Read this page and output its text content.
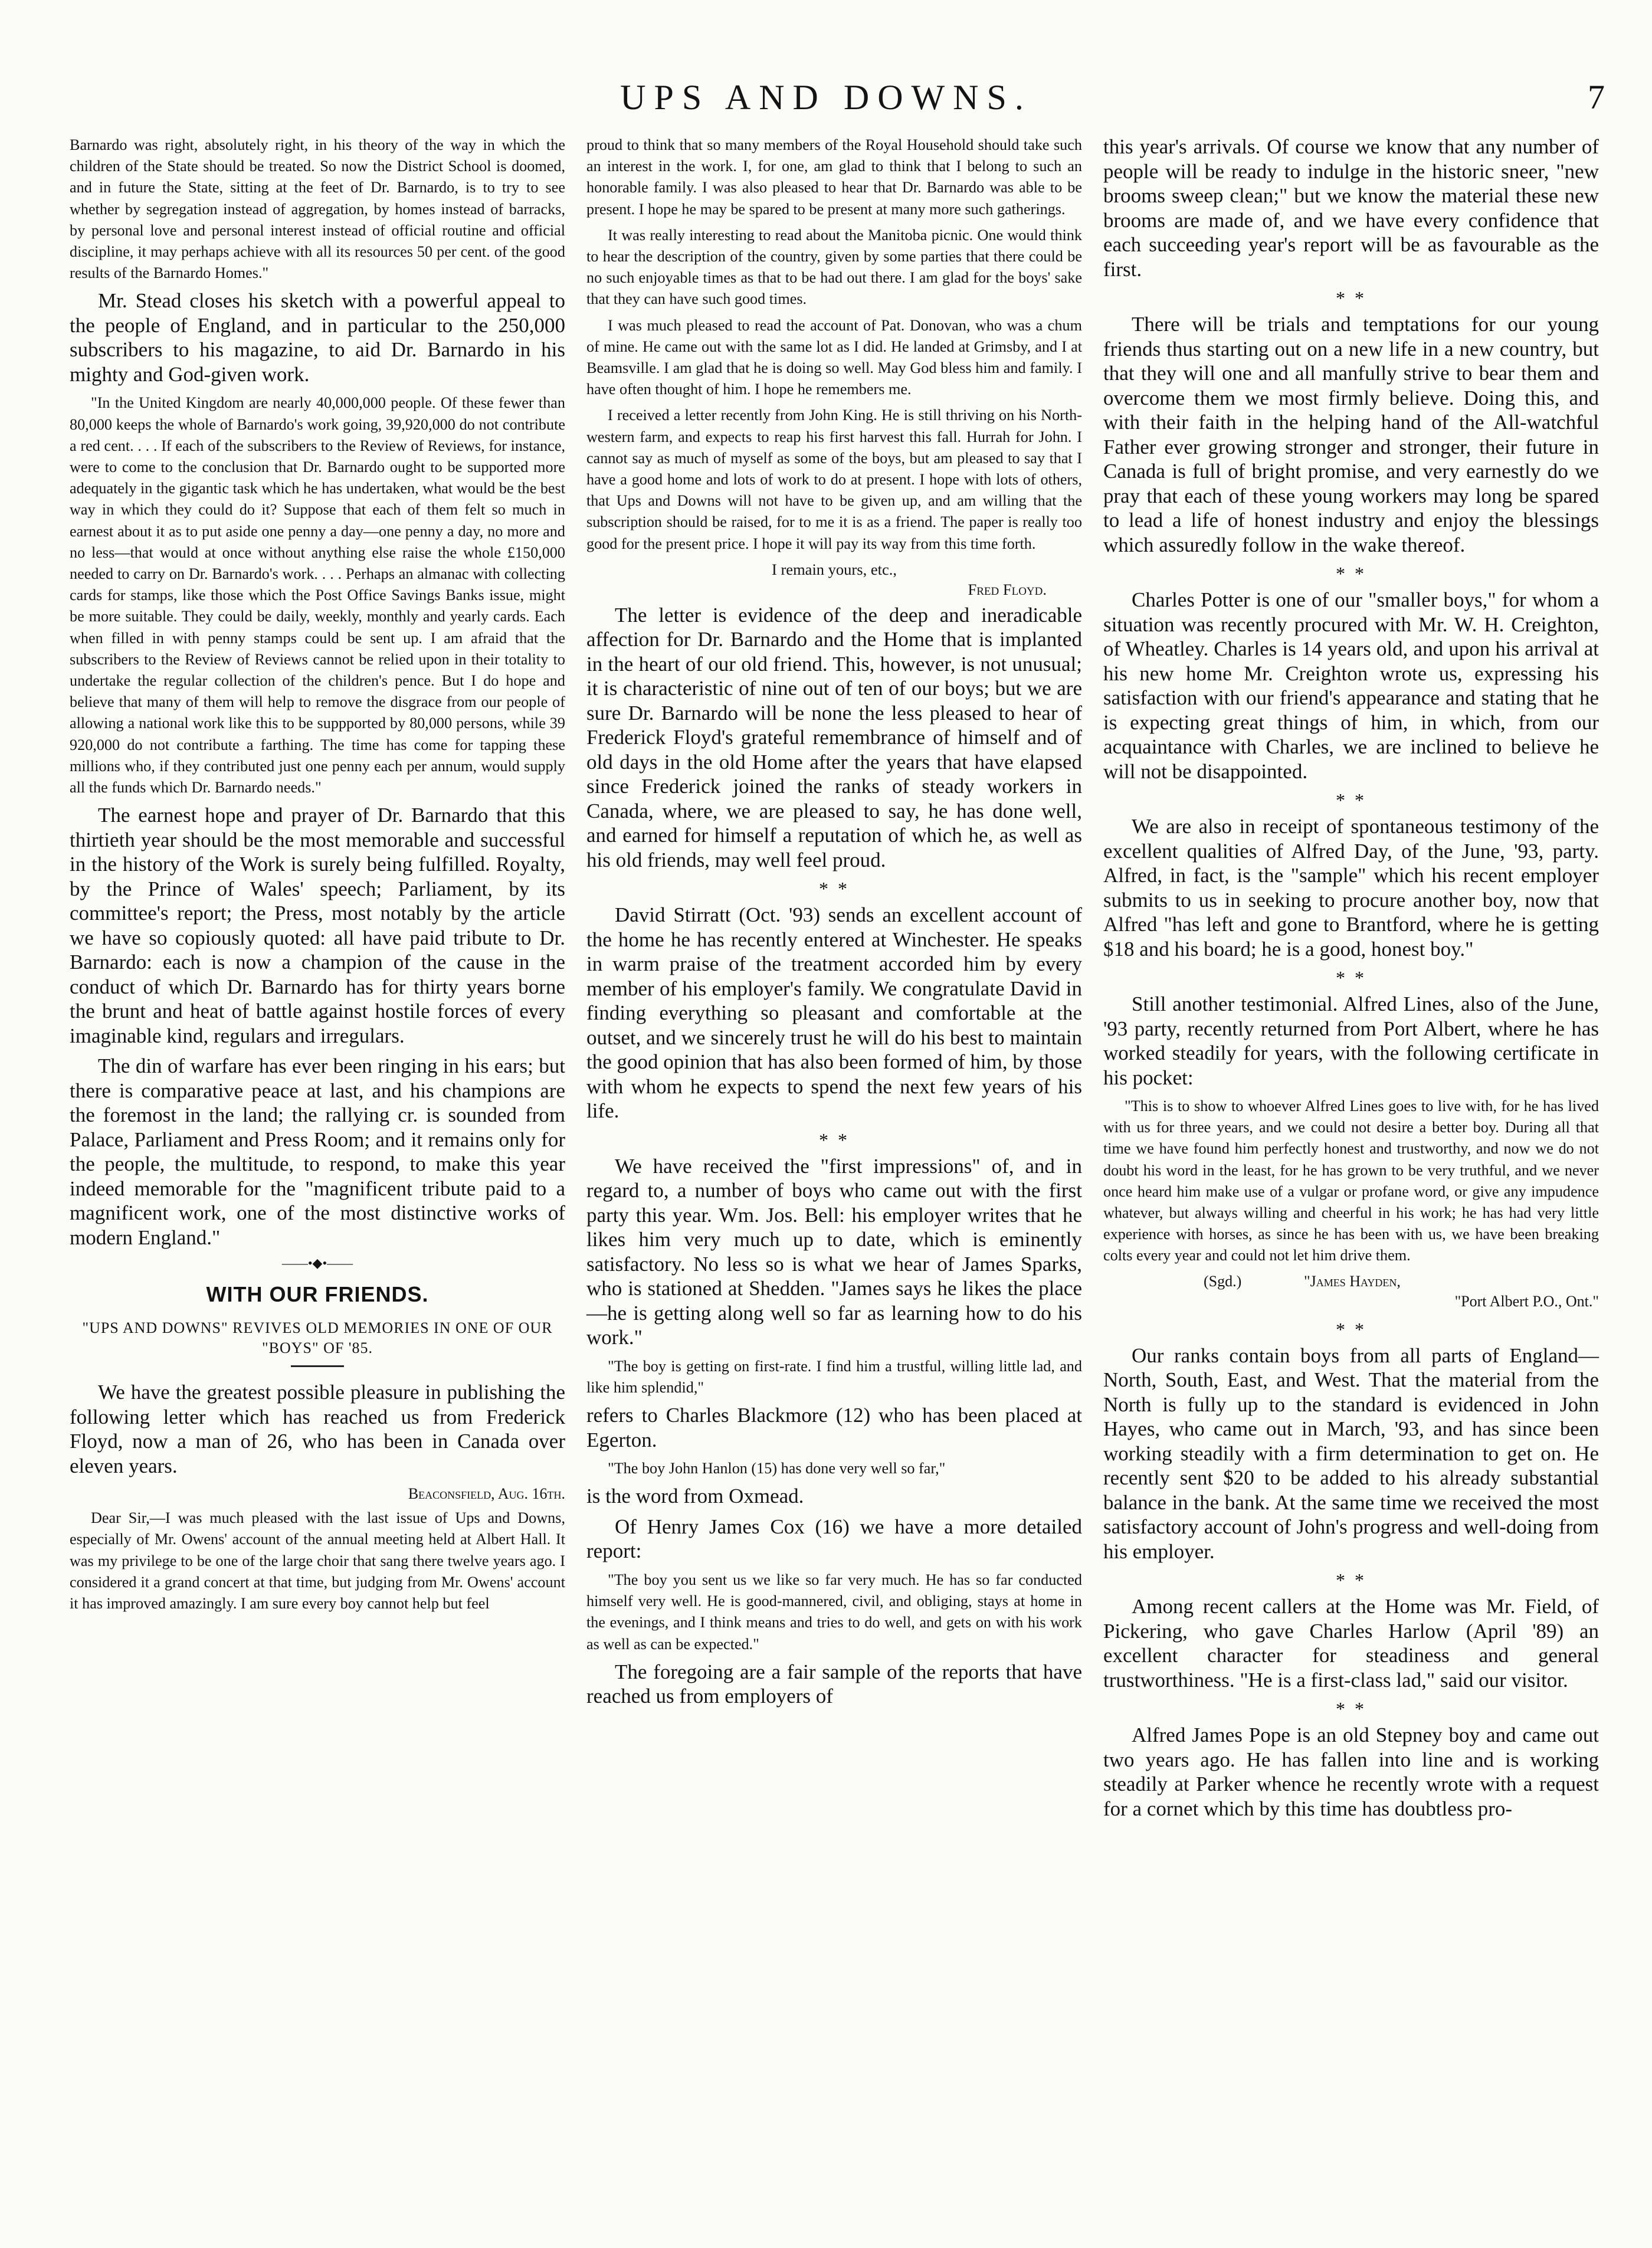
UPS AND DOWNS.	7

Barnardo was right, absolutely right, in his theory of the way in which the children of the State should be treated. So now the District School is doomed, and in future the State, sitting at the feet of Dr. Barnardo, is to try to see whether by segregation instead of aggregation, by homes instead of barracks, by personal love and personal interest instead of official routine and official discipline, it may perhaps achieve with all its resources 50 per cent. of the good results of the Barnardo Homes."

Mr. Stead closes his sketch with a powerful appeal to the people of England, and in particular to the 250,000 subscribers to his magazine, to aid Dr. Barnardo in his mighty and God-given work.

"In the United Kingdom are nearly 40,000,000 people. Of these fewer than 80,000 keeps the whole of Barnardo's work going, 39,920,000 do not contribute a red cent. . . . If each of the subscribers to the Review of Reviews, for instance, were to come to the conclusion that Dr. Barnardo ought to be supported more adequately in the gigantic task which he has undertaken, what would be the best way in which they could do it? Suppose that each of them felt so much in earnest about it as to put aside one penny a day—one penny a day, no more and no less—that would at once without anything else raise the whole £150,000 needed to carry on Dr. Barnardo's work. . . . Perhaps an almanac with collecting cards for stamps, like those which the Post Office Savings Banks issue, might be more suitable. They could be daily, weekly, monthly and yearly cards. Each when filled in with penny stamps could be sent up. I am afraid that the subscribers to the Review of Reviews cannot be relied upon in their totality to undertake the regular collection of the children's pence. But I do hope and believe that many of them will help to remove the disgrace from our people of allowing a national work like this to be suppported by 80,000 persons, while 39 920,000 do not contribute a farthing. The time has come for tapping these millions who, if they contributed just one penny each per annum, would supply all the funds which Dr. Barnardo needs."

The earnest hope and prayer of Dr. Barnardo that this thirtieth year should be the most memorable and successful in the history of the Work is surely being fulfilled. Royalty, by the Prince of Wales' speech; Parliament, by its committee's report; the Press, most notably by the article we have so copiously quoted: all have paid tribute to Dr. Barnardo: each is now a champion of the cause in the conduct of which Dr. Barnardo has for thirty years borne the brunt and heat of battle against hostile forces of every imaginable kind, regulars and irregulars.

The din of warfare has ever been ringing in his ears; but there is comparative peace at last, and his champions are the foremost in the land; the rallying cr. is sounded from Palace, Parliament and Press Room; and it remains only for the people, the multitude, to respond, to make this year indeed memorable for the "magnificent tribute paid to a magnificent work, one of the most distinctive works of modern England."

——•◆•——
WITH OUR FRIENDS.
"UPS AND DOWNS" REVIVES OLD MEMORIES IN ONE OF OUR "BOYS" OF '85.

We have the greatest possible pleasure in publishing the following letter which has reached us from Frederick Floyd, now a man of 26, who has been in Canada over eleven years.

Beaconsfield, Aug. 16th.

Dear Sir,—I was much pleased with the last issue of Ups and Downs, especially of Mr. Owens' account of the annual meeting held at Albert Hall. It was my privilege to be one of the large choir that sang there twelve years ago. I considered it a grand concert at that time, but judging from Mr. Owens' account it has improved amazingly. I am sure every boy cannot help but feel

proud to think that so many members of the Royal Household should take such an interest in the work. I, for one, am glad to think that I belong to such an honorable family. I was also pleased to hear that Dr. Barnardo was able to be present. I hope he may be spared to be present at many more such gatherings.

It was really interesting to read about the Manitoba picnic. One would think to hear the description of the country, given by some parties that there could be no such enjoyable times as that to be had out there. I am glad for the boys' sake that they can have such good times.

I was much pleased to read the account of Pat. Donovan, who was a chum of mine. He came out with the same lot as I did. He landed at Grimsby, and I at Beamsville. I am glad that he is doing so well. May God bless him and family. I have often thought of him. I hope he remembers me.

I received a letter recently from John King. He is still thriving on his North-western farm, and expects to reap his first harvest this fall. Hurrah for John. I cannot say as much of myself as some of the boys, but am pleased to say that I have a good home and lots of work to do at present. I hope with lots of others, that Ups and Downs will not have to be given up, and am willing that the subscription should be raised, for to me it is as a friend. The paper is really too good for the present price. I hope it will pay its way from this time forth.

I remain yours, etc.,

Fred Floyd.

The letter is evidence of the deep and ineradicable affection for Dr. Barnardo and the Home that is implanted in the heart of our old friend. This, however, is not unusual; it is characteristic of nine out of ten of our boys; but we are sure Dr. Barnardo will be none the less pleased to hear of Frederick Floyd's grateful remembrance of himself and of old days in the old Home after the years that have elapsed since Frederick joined the ranks of steady workers in Canada, where, we are pleased to say, he has done well, and earned for himself a reputation of which he, as well as his old friends, may well feel proud.

* *

David Stirratt (Oct. '93) sends an excellent account of the home he has recently entered at Winchester. He speaks in warm praise of the treatment accorded him by every member of his employer's family. We congratulate David in finding everything so pleasant and comfortable at the outset, and we sincerely trust he will do his best to maintain the good opinion that has also been formed of him, by those with whom he expects to spend the next few years of his life.

* *

We have received the "first impressions" of, and in regard to, a number of boys who came out with the first party this year. Wm. Jos. Bell: his employer writes that he likes him very much up to date, which is eminently satisfactory. No less so is what we hear of James Sparks, who is stationed at Shedden. "James says he likes the place—he is getting along well so far as learning how to do his work."

"The boy is getting on first-rate. I find him a trustful, willing little lad, and like him splendid,"

refers to Charles Blackmore (12) who has been placed at Egerton.

"The boy John Hanlon (15) has done very well so far,"

is the word from Oxmead.

Of Henry James Cox (16) we have a more detailed report:

"The boy you sent us we like so far very much. He has so far conducted himself very well. He is good-mannered, civil, and obliging, stays at home in the evenings, and I think means and tries to do well, and gets on with his work as well as can be expected."

The foregoing are a fair sample of the reports that have reached us from employers of

this year's arrivals. Of course we know that any number of people will be ready to indulge in the historic sneer, "new brooms sweep clean;" but we know the material these new brooms are made of, and we have every confidence that each succeeding year's report will be as favourable as the first.

* *

There will be trials and temptations for our young friends thus starting out on a new life in a new country, but that they will one and all manfully strive to bear them and overcome them we most firmly believe. Doing this, and with their faith in the helping hand of the All-watchful Father ever growing stronger and stronger, their future in Canada is full of bright promise, and very earnestly do we pray that each of these young workers may long be spared to lead a life of honest industry and enjoy the blessings which assuredly follow in the wake thereof.

* *

Charles Potter is one of our "smaller boys," for whom a situation was recently procured with Mr. W. H. Creighton, of Wheatley. Charles is 14 years old, and upon his arrival at his new home Mr. Creighton wrote us, expressing his satisfaction with our friend's appearance and stating that he is expecting great things of him, in which, from our acquaintance with Charles, we are inclined to believe he will not be disappointed.

* *

We are also in receipt of spontaneous testimony of the excellent qualities of Alfred Day, of the June, '93, party. Alfred, in fact, is the "sample" which his recent employer submits to us in seeking to procure another boy, now that Alfred "has left and gone to Brantford, where he is getting $18 and his board; he is a good, honest boy."

* *

Still another testimonial. Alfred Lines, also of the June, '93 party, recently returned from Port Albert, where he has worked steadily for years, with the following certificate in his pocket:

"This is to show to whoever Alfred Lines goes to live with, for he has lived with us for three years, and we could not desire a better boy. During all that time we have found him perfectly honest and trustworthy, and now we do not doubt his word in the least, for he has grown to be very truthful, and we never once heard him make use of a vulgar or profane word, or give any impudence whatever, but always willing and cheerful in his work; he has had very little experience with horses, as since he has been with us, we have been breaking colts every year and could not let him drive them.

(Sgd.)	"James Hayden,
"Port Albert P.O., Ont."
* *

Our ranks contain boys from all parts of England—North, South, East, and West. That the material from the North is fully up to the standard is evidenced in John Hayes, who came out in March, '93, and has since been working steadily with a firm determination to get on. He recently sent $20 to be added to his already substantial balance in the bank. At the same time we received the most satisfactory account of John's progress and well-doing from his employer.

* *

Among recent callers at the Home was Mr. Field, of Pickering, who gave Charles Harlow (April '89) an excellent character for steadiness and general trustworthiness. "He is a first-class lad," said our visitor.

* *

Alfred James Pope is an old Stepney boy and came out two years ago. He has fallen into line and is working steadily at Parker whence he recently wrote with a request for a cornet which by this time has doubtless pro-
